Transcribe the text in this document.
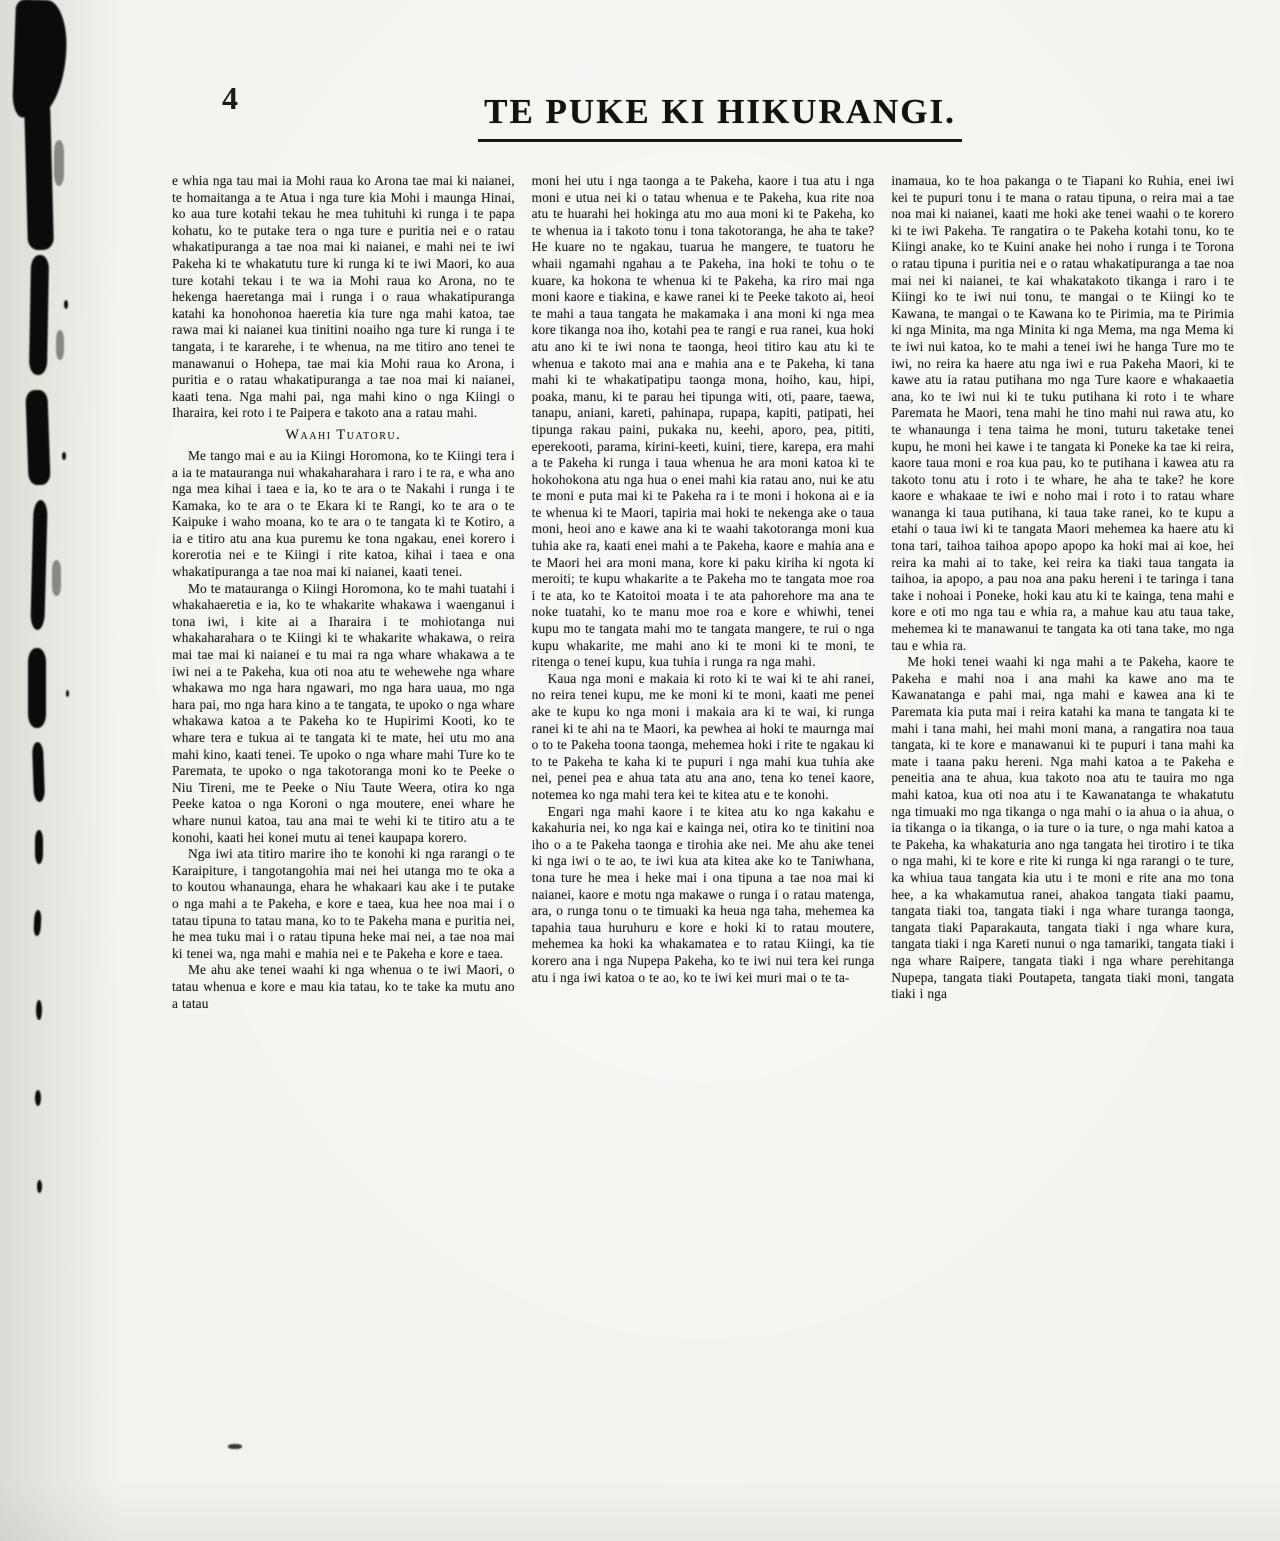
4	TE PUKE KI HIKURANGI.

e whia nga tau mai ia Mohi raua ko Arona tae mai ki naianei, te homaitanga a te Atua i nga ture kia Mohi i maunga Hinai, ko aua ture kotahi tekau he mea tuhituhi ki runga i te papa kohatu, ko te putake tera o nga ture e puritia nei e o ratau whakatipuranga a tae noa mai ki naianei, e mahi nei te iwi Pakeha ki te whakatutu ture ki runga ki te iwi Maori, ko aua ture kotahi tekau i te wa ia Mohi raua ko Arona, no te hekenga haeretanga mai i runga i o raua whakatipuranga katahi ka honohonoa haeretia kia ture nga mahi katoa, tae rawa mai ki naianei kua tinitini noaiho nga ture ki runga i te tangata, i te kararehe, i te whenua, na me titiro ano tenei te manawanui o Hohepa, tae mai kia Mohi raua ko Arona, i puritia e o ratau whakatipuranga a tae noa mai ki naianei, kaati tena. Nga mahi pai, nga mahi kino o nga Kiingi o Iharaira, kei roto i te Paipera e takoto ana a ratau mahi.

Waahi Tuatoru.

Me tango mai e au ia Kiingi Horomona, ko te Kiingi tera i a ia te matauranga nui whakaharahara i raro i te ra, e wha ano nga mea kihai i taea e ia, ko te ara o te Nakahi i runga i te Kamaka, ko te ara o te Ekara ki te Rangi, ko te ara o te Kaipuke i waho moana, ko te ara o te tangata ki te Kotiro, a ia e titiro atu ana kua puremu ke tona ngakau, enei korero i korerotia nei e te Kiingi i rite katoa, kihai i taea e ona whakatipuranga a tae noa mai ki naianei, kaati tenei.

Mo te matauranga o Kiingi Horomona, ko te mahi tuatahi i whakahaeretia e ia, ko te whakarite whakawa i waenganui i tona iwi, i kite ai a Iharaira i te mohiotanga nui whakaharahara o te Kiingi ki te whakarite whakawa, o reira mai tae mai ki naianei e tu mai ra nga whare whakawa a te iwi nei a te Pakeha, kua oti noa atu te wehewehe nga whare whakawa mo nga hara ngawari, mo nga hara uaua, mo nga hara pai, mo nga hara kino a te tangata, te upoko o nga whare whakawa katoa a te Pakeha ko te Hupirimi Kooti, ko te whare tera e tukua ai te tangata ki te mate, hei utu mo ana mahi kino, kaati tenei. Te upoko o nga whare mahi Ture ko te Paremata, te upoko o nga takotoranga moni ko te Peeke o Niu Tireni, me te Peeke o Niu Taute Weera, otira ko nga Peeke katoa o nga Koroni o nga moutere, enei whare he whare nunui katoa, tau ana mai te wehi ki te titiro atu a te konohi, kaati hei konei mutu ai tenei kaupapa korero.

Nga iwi ata titiro marire iho te konohi ki nga rarangi o te Karaipiture, i tangotangohia mai nei hei utanga mo te oka a to koutou whanaunga, ehara he whakaari kau ake i te putake o nga mahi a te Pakeha, e kore e taea, kua hee noa mai i o tatau tipuna to tatau mana, ko to te Pakeha mana e puritia nei, he mea tuku mai i o ratau tipuna heke mai nei, a tae noa mai ki tenei wa, nga mahi e mahia nei e te Pakeha e kore e taea.

Me ahu ake tenei waahi ki nga whenua o te iwi Maori, o tatau whenua e kore e mau kia tatau, ko te take ka mutu ano a tatau

moni hei utu i nga taonga a te Pakeha, kaore i tua atu i nga moni e utua nei ki o tatau whenua e te Pakeha, kua rite noa atu te huarahi hei hokinga atu mo aua moni ki te Pakeha, ko te whenua ia i takoto tonu i tona takotoranga, he aha te take? He kuare no te ngakau, tuarua he mangere, te tuatoru he whaii ngamahi ngahau a te Pakeha, ina hoki te tohu o te kuare, ka hokona te whenua ki te Pakeha, ka riro mai nga moni kaore e tiakina, e kawe ranei ki te Peeke takoto ai, heoi te mahi a taua tangata he makamaka i ana moni ki nga mea kore tikanga noa iho, kotahi pea te rangi e rua ranei, kua hoki atu ano ki te iwi nona te taonga, heoi titiro kau atu ki te whenua e takoto mai ana e mahia ana e te Pakeha, ki tana mahi ki te whakatipatipu taonga mona, hoiho, kau, hipi, poaka, manu, ki te parau hei tipunga witi, oti, paare, taewa, tanapu, aniani, kareti, pahinapa, rupapa, kapiti, patipati, hei tipunga rakau paini, pukaka nu, keehi, aporo, pea, pititi, eperekooti, parama, kirini-keeti, kuini, tiere, karepa, era mahi a te Pakeha ki runga i taua whenua he ara moni katoa ki te hokohokona atu nga hua o enei mahi kia ratau ano, nui ke atu te moni e puta mai ki te Pakeha ra i te moni i hokona ai e ia te whenua ki te Maori, tapiria mai hoki te nekenga ake o taua moni, heoi ano e kawe ana ki te waahi takotoranga moni kua tuhia ake ra, kaati enei mahi a te Pakeha, kaore e mahia ana e te Maori hei ara moni mana, kore ki paku kiriha ki ngota ki meroiti; te kupu whakarite a te Pakeha mo te tangata moe roa i te ata, ko te Katoitoi moata i te ata pahorehore ma ana te noke tuatahi, ko te manu moe roa e kore e whiwhi, tenei kupu mo te tangata mahi mo te tangata mangere, te rui o nga kupu whakarite, me mahi ano ki te moni ki te moni, te ritenga o tenei kupu, kua tuhia i runga ra nga mahi.

Kaua nga moni e makaia ki roto ki te wai ki te ahi ranei, no reira tenei kupu, me ke moni ki te moni, kaati me penei ake te kupu ko nga moni i makaia ara ki te wai, ki runga ranei ki te ahi na te Maori, ka pewhea ai hoki te maurnga mai o to te Pakeha toona taonga, mehemea hoki i rite te ngakau ki to te Pakeha te kaha ki te pupuri i nga mahi kua tuhia ake nei, penei pea e ahua tata atu ana ano, tena ko tenei kaore, notemea ko nga mahi tera kei te kitea atu e te konohi.

Engari nga mahi kaore i te kitea atu ko nga kakahu e kakahuria nei, ko nga kai e kainga nei, otira ko te tinitini noa iho o a te Pakeha taonga e tirohia ake nei. Me ahu ake tenei ki nga iwi o te ao, te iwi kua ata kitea ake ko te Taniwhana, tona ture he mea i heke mai i ona tipuna a tae noa mai ki naianei, kaore e motu nga makawe o runga i o ratau matenga, ara, o runga tonu o te timuaki ka heua nga taha, mehemea ka tapahia taua huruhuru e kore e hoki ki to ratau moutere, mehemea ka hoki ka whakamatea e to ratau Kiingi, ka tie korero ana i nga Nupepa Pakeha, ko te iwi nui tera kei runga atu i nga iwi katoa o te ao, ko te iwi kei muri mai o te ta-

inamaua, ko te hoa pakanga o te Tiapani ko Ruhia, enei iwi kei te pupuri tonu i te mana o ratau tipuna, o reira mai a tae noa mai ki naianei, kaati me hoki ake tenei waahi o te korero ki te iwi Pakeha. Te rangatira o te Pakeha kotahi tonu, ko te Kiingi anake, ko te Kuini anake hei noho i runga i te Torona o ratau tipuna i puritia nei e o ratau whakatipuranga a tae noa mai nei ki naianei, te kai whakatakoto tikanga i raro i te Kiingi ko te iwi nui tonu, te mangai o te Kiingi ko te Kawana, te mangai o te Kawana ko te Pirimia, ma te Pirimia ki nga Minita, ma nga Minita ki nga Mema, ma nga Mema ki te iwi nui katoa, ko te mahi a tenei iwi he hanga Ture mo te iwi, no reira ka haere atu nga iwi e rua Pakeha Maori, ki te kawe atu ia ratau putihana mo nga Ture kaore e whakaaetia ana, ko te iwi nui ki te tuku putihana ki roto i te whare Paremata he Maori, tena mahi he tino mahi nui rawa atu, ko te whanaunga i tena taima he moni, tuturu taketake tenei kupu, he moni hei kawe i te tangata ki Poneke ka tae ki reira, kaore taua moni e roa kua pau, ko te putihana i kawea atu ra takoto tonu atu i roto i te whare, he aha te take? he kore kaore e whakaae te iwi e noho mai i roto i to ratau whare wananga ki taua putihana, ki taua take ranei, ko te kupu a etahi o taua iwi ki te tangata Maori mehemea ka haere atu ki tona tari, taihoa taihoa apopo apopo ka hoki mai ai koe, hei reira ka mahi ai to take, kei reira ka tiaki taua tangata ia taihoa, ia apopo, a pau noa ana paku hereni i te taringa i tana take i nohoai i Poneke, hoki kau atu ki te kainga, tena mahi e kore e oti mo nga tau e whia ra, a mahue kau atu taua take, mehemea ki te manawanui te tangata ka oti tana take, mo nga tau e whia ra.

Me hoki tenei waahi ki nga mahi a te Pakeha, kaore te Pakeha e mahi noa i ana mahi ka kawe ano ma te Kawanatanga e pahi mai, nga mahi e kawea ana ki te Paremata kia puta mai i reira katahi ka mana te tangata ki te mahi i tana mahi, hei mahi moni mana, a rangatira noa taua tangata, ki te kore e manawanui ki te pupuri i tana mahi ka mate i taana paku hereni. Nga mahi katoa a te Pakeha e peneitia ana te ahua, kua takoto noa atu te tauira mo nga mahi katoa, kua oti noa atu i te Kawanatanga te whakatutu nga timuaki mo nga tikanga o nga mahi o ia ahua o ia ahua, o ia tikanga o ia tikanga, o ia ture o ia ture, o nga mahi katoa a te Pakeha, ka whakaturia ano nga tangata hei tirotiro i te tika o nga mahi, ki te kore e rite ki runga ki nga rarangi o te ture, ka whiua taua tangata kia utu i te moni e rite ana mo tona hee, a ka whakamutua ranei, ahakoa tangata tiaki paamu, tangata tiaki toa, tangata tiaki i nga whare turanga taonga, tangata tiaki Paparakauta, tangata tiaki i nga whare kura, tangata tiaki i nga Kareti nunui o nga tamariki, tangata tiaki i nga whare Raipere, tangata tiaki i nga whare perehitanga Nupepa, tangata tiaki Poutapeta, tangata tiaki moni, tangata tiaki i nga
